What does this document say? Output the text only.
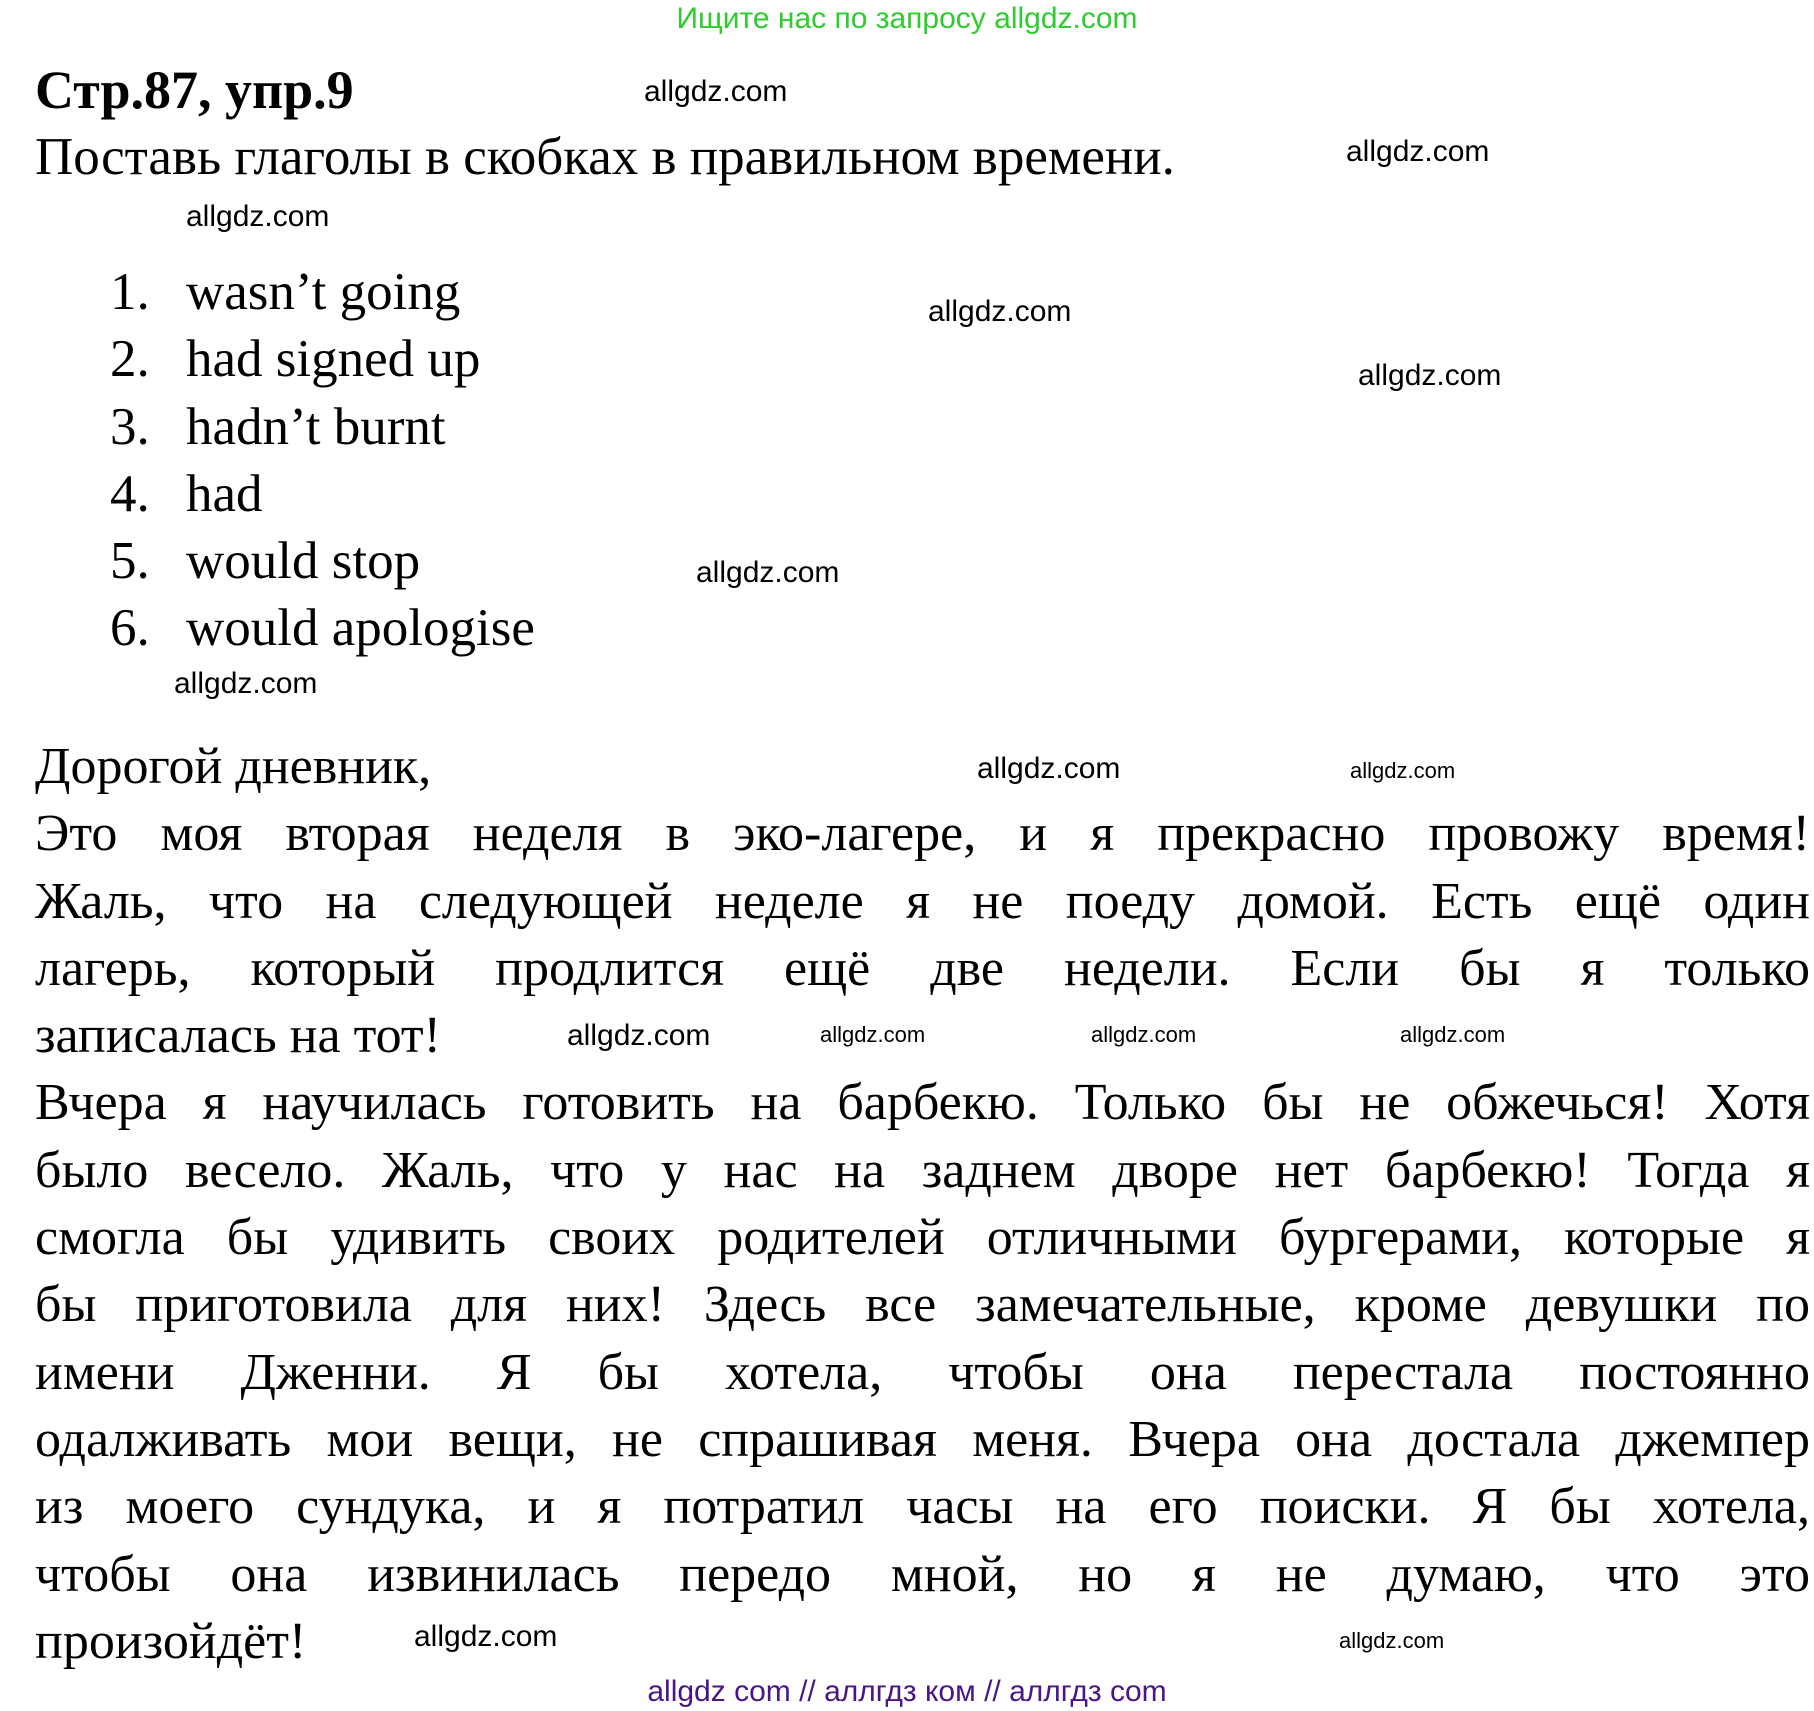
Ищите нас по запросу allgdz.com
Стр.87, упр.9
Поставь глаголы в скобках в правильном времени.
1. wasn’t going
2. had signed up
3. hadn’t burnt
4. had
5. would stop
6. would apologise
Дорогой дневник,
Это моя вторая неделя в эко-лагере, и я прекрасно провожу время!
Жаль, что на следующей неделе я не поеду домой. Есть ещё один
лагерь, который продлится ещё две недели. Если бы я только
записалась на тот!
Вчера я научилась готовить на барбекю. Только бы не обжечься! Хотя
было весело. Жаль, что у нас на заднем дворе нет барбекю! Тогда я
смогла бы удивить своих родителей отличными бургерами, которые я
бы приготовила для них! Здесь все замечательные, кроме девушки по
имени Дженни. Я бы хотела, чтобы она перестала постоянно
одалживать мои вещи, не спрашивая меня. Вчера она достала джемпер
из моего сундука, и я потратил часы на его поиски. Я бы хотела,
чтобы она извинилась передо мной, но я не думаю, что это
произойдёт!
allgdz.com
allgdz.com
allgdz.com
allgdz.com
allgdz.com
allgdz.com
allgdz.com
allgdz.com
allgdz.com	allgdz.com
allgdz.com	allgdz.com
allgdz.com
allgdz.com
allgdz.com
allgdz com // аллгдз ком // аллгдз com
